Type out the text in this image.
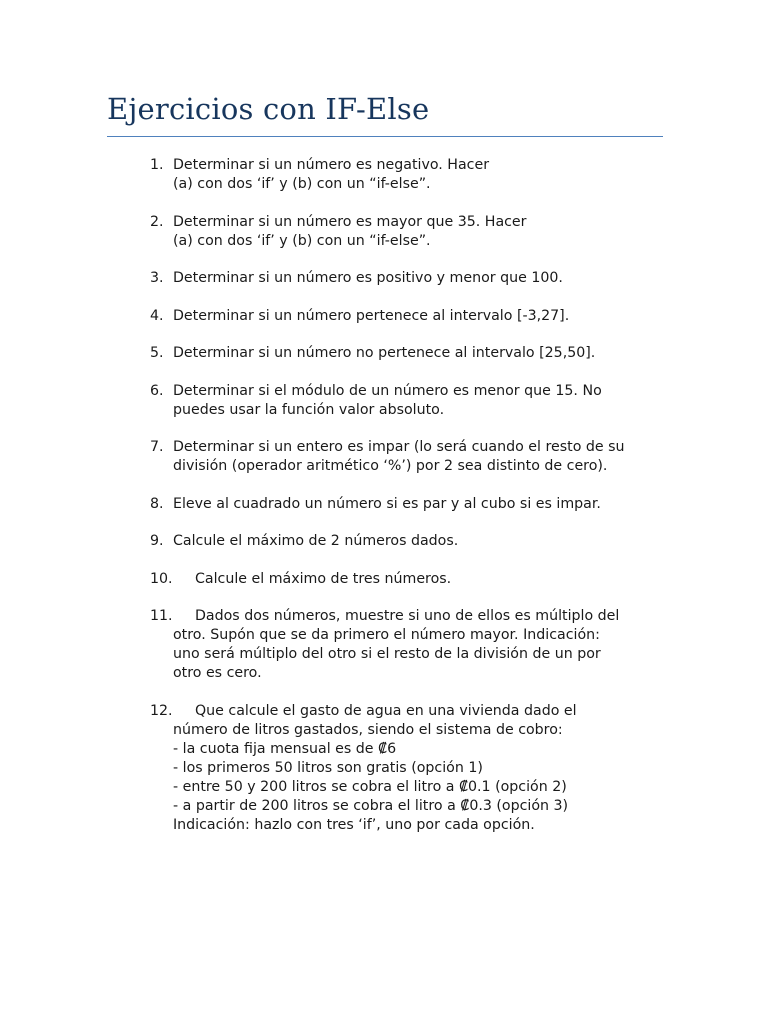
Ejercicios con IF-Else
1. Determinar si un número es negativo. Hacer
(a) con dos ‘if’ y (b) con un “if-else”.
2. Determinar si un número es mayor que 35. Hacer
(a) con dos ‘if’ y (b) con un “if-else”.
3. Determinar si un número es positivo y menor que 100.
4. Determinar si un número pertenece al intervalo [-3,27].
5. Determinar si un número no pertenece al intervalo [25,50].
6. Determinar si el módulo de un número es menor que 15. No
puedes usar la función valor absoluto.
7. Determinar si un entero es impar (lo será cuando el resto de su
división (operador aritmético ‘%’) por 2 sea distinto de cero).
8. Eleve al cuadrado un número si es par y al cubo si es impar.
9. Calcule el máximo de 2 números dados.
10.	Calcule el máximo de tres números.
11.	Dados dos números, muestre si uno de ellos es múltiplo del
otro. Supón que se da primero el número mayor. Indicación:
uno será múltiplo del otro si el resto de la división de un por
otro es cero.
12.	Que calcule el gasto de agua en una vivienda dado el
número de litros gastados, siendo el sistema de cobro:
- la cuota fija mensual es de ₡6
- los primeros 50 litros son gratis (opción 1)
- entre 50 y 200 litros se cobra el litro a ₡0.1 (opción 2)
- a partir de 200 litros se cobra el litro a ₡0.3 (opción 3)
Indicación: hazlo con tres ‘if’, uno por cada opción.
